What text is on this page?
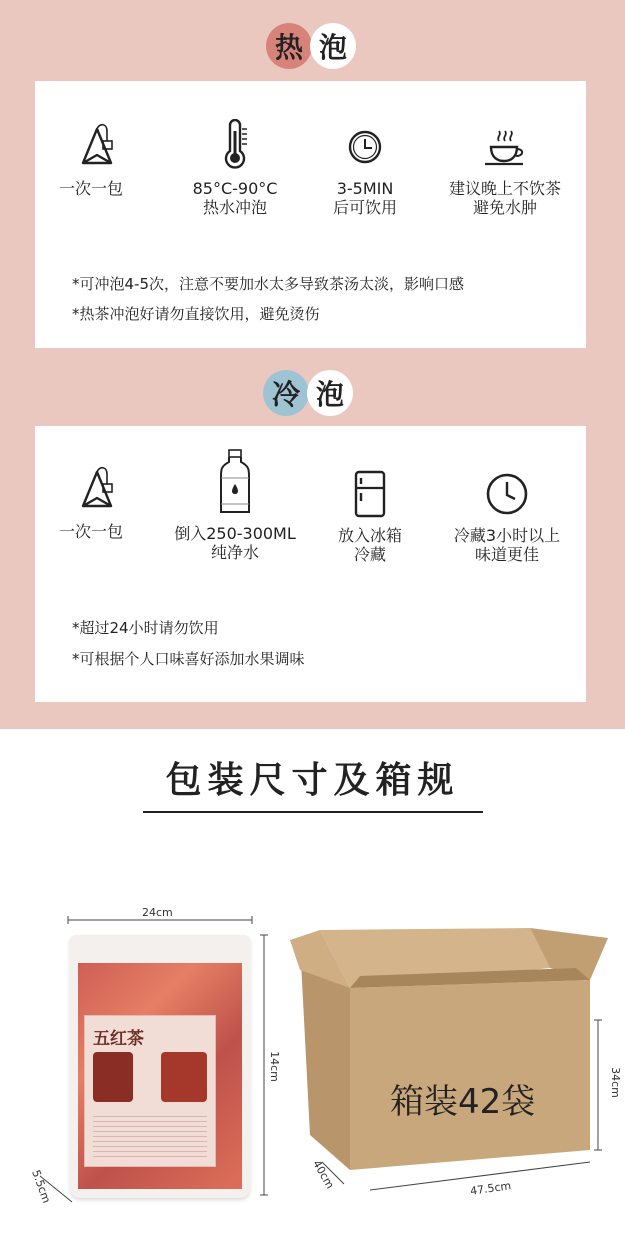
热 泡
一次一包	85°C-90°C
热水冲泡
3-5MIN
后可饮用
建议晚上不饮茶
避免水肿
*可冲泡4-5次，注意不要加水太多导致茶汤太淡，影响口感
*热茶冲泡好请勿直接饮用，避免烫伤
冷 泡
一次一包	倒入250-300ML
纯净水
放入冰箱
冷藏
冷藏3小时以上
味道更佳
*超过24小时请勿饮用
*可根据个人口味喜好添加水果调味
包装尺寸及箱规
24cm
14cm
5.5cm
五红茶
40cm	47.5cm
34cm
箱装42袋
